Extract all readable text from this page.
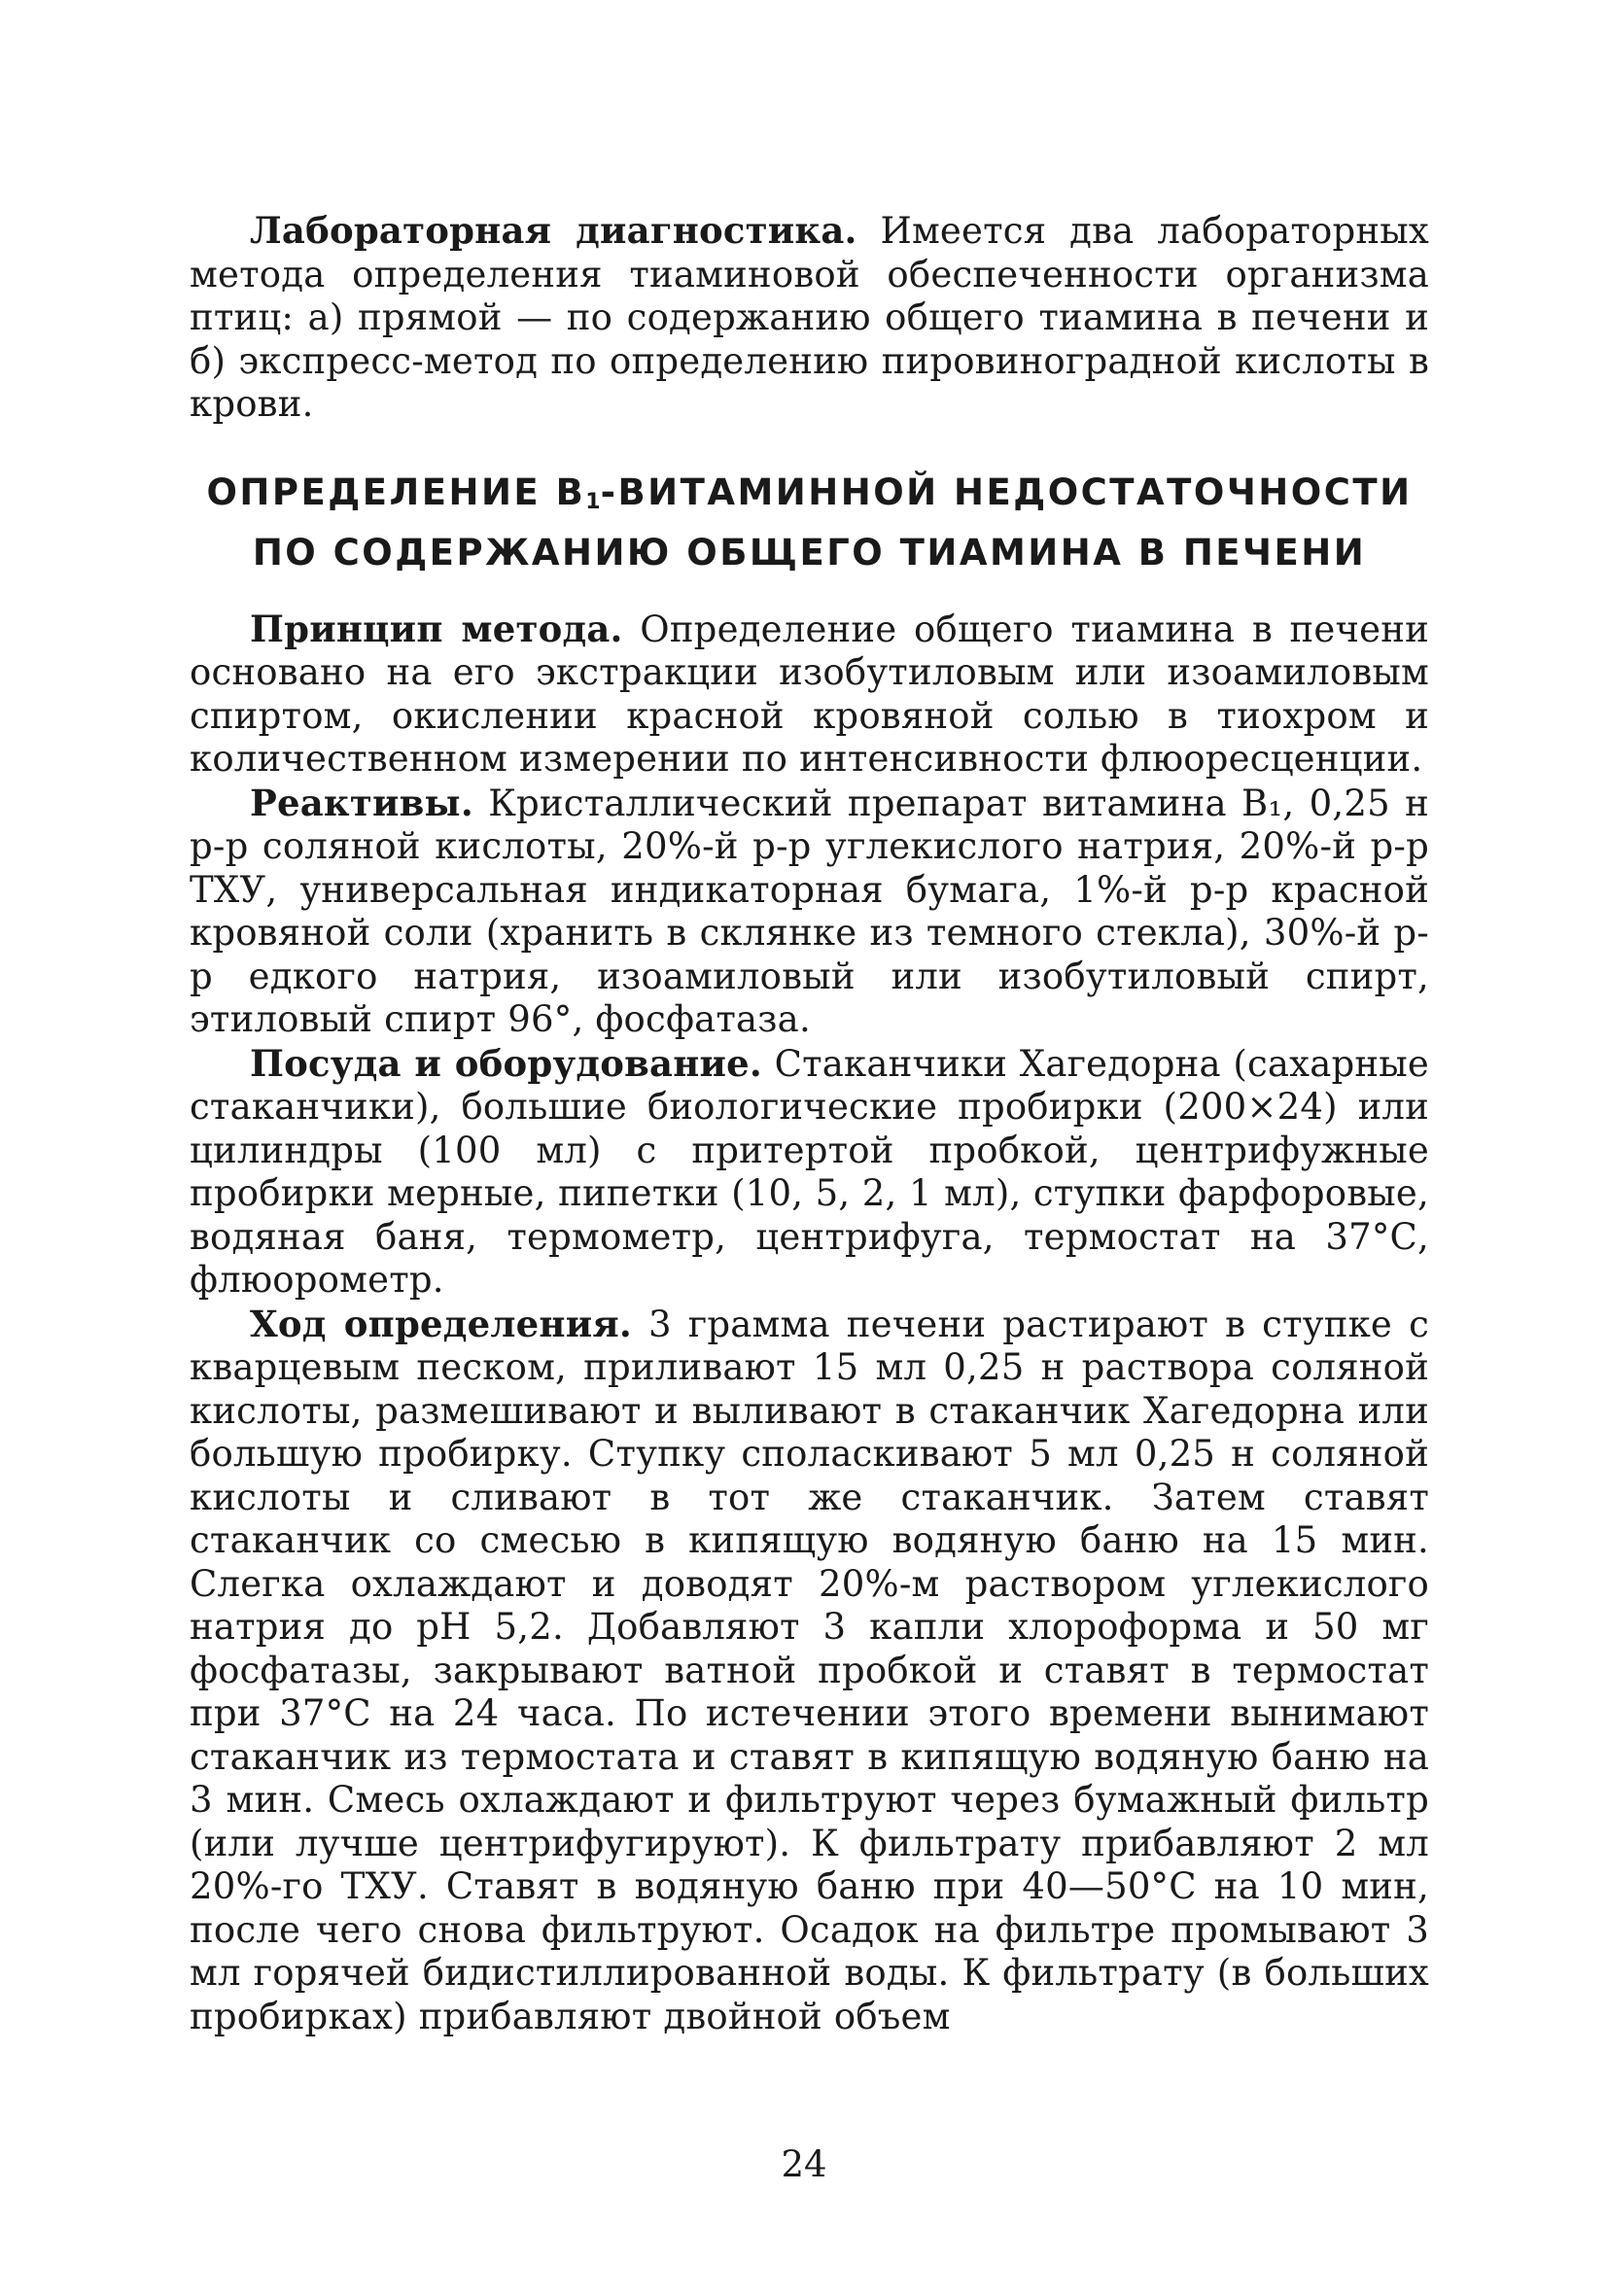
Лабораторная диагностика. Имеется два лабораторных метода определения тиаминовой обеспеченности организма птиц: а) прямой — по содержанию общего тиамина в печени и б) экспресс-метод по определению пировиноградной кислоты в крови.

ОПРЕДЕЛЕНИЕ $В_1$-ВИТАМИННОЙ НЕДОСТАТОЧНОСТИ
ПО СОДЕРЖАНИЮ ОБЩЕГО ТИАМИНА В ПЕЧЕНИ

Принцип метода. Определение общего тиамина в печени основано на его экстракции изобутиловым или изоамиловым спиртом, окислении красной кровяной солью в тиохром и количественном измерении по интенсивности флюоресценции.

Реактивы. Кристаллический препарат витамина B₁, 0,25 н р-р соляной кислоты, 20%-й р-р углекислого натрия, 20%-й р-р ТХУ, универсальная индикаторная бумага, 1%-й р-р красной кровяной соли (хранить в склянке из темного стекла), 30%-й р-р едкого натрия, изоамиловый или изобутиловый спирт, этиловый спирт 96°, фосфатаза.

Посуда и оборудование. Стаканчики Хагедорна (сахарные стаканчики), большие биологические пробирки (200×24) или цилиндры (100 мл) с притертой пробкой, центрифужные пробирки мерные, пипетки (10, 5, 2, 1 мл), ступки фарфоровые, водяная баня, термометр, центрифуга, термостат на 37°С, флюорометр.

Ход определения. 3 грамма печени растирают в ступке с кварцевым песком, приливают 15 мл 0,25 н раствора соляной кислоты, размешивают и выливают в стаканчик Хагедорна или большую пробирку. Ступку споласкивают 5 мл 0,25 н соляной кислоты и сливают в тот же стаканчик. Затем ставят стаканчик со смесью в кипящую водяную баню на 15 мин. Слегка охлаждают и доводят 20%-м раствором углекислого натрия до pH 5,2. Добавляют 3 капли хлороформа и 50 мг фосфатазы, закрывают ватной пробкой и ставят в термостат при 37°С на 24 часа. По истечении этого времени вынимают стаканчик из термостата и ставят в кипящую водяную баню на 3 мин. Смесь охлаждают и фильтруют через бумажный фильтр (или лучше центрифугируют). К фильтрату прибавляют 2 мл 20%-го ТХУ. Ставят в водяную баню при 40—50°С на 10 мин, после чего снова фильтруют. Осадок на фильтре промывают 3 мл горячей бидистиллированной воды. К фильтрату (в больших пробирках) прибавляют двойной объем

24
